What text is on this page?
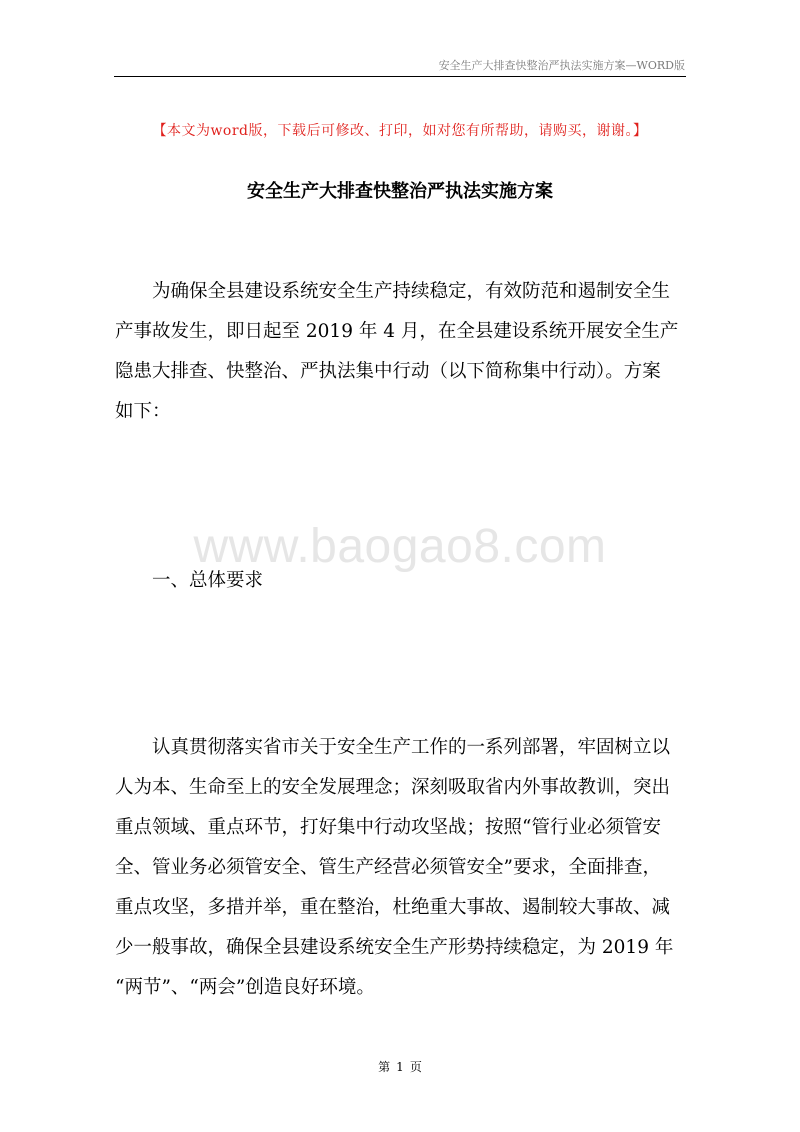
安全生产大排查快整治严执法实施方案—WORD版
【本文为word版，下载后可修改、打印，如对您有所帮助，请购买，谢谢。】
安全生产大排查快整治严执法实施方案
为确保全县建设系统安全生产持续稳定，有效防范和遏制安全生
产事故发生，即日起至 2019 年 4 月，在全县建设系统开展安全生产
隐患大排查、快整治、严执法集中行动（以下简称集中行动）。方案
如下：
www.baogao8.com
一、总体要求
认真贯彻落实省市关于安全生产工作的一系列部署，牢固树立以
人为本、生命至上的安全发展理念；深刻吸取省内外事故教训，突出
重点领域、重点环节，打好集中行动攻坚战；按照“管行业必须管安
全、管业务必须管安全、管生产经营必须管安全”要求，全面排查，
重点攻坚，多措并举，重在整治，杜绝重大事故、遏制较大事故、减
少一般事故，确保全县建设系统安全生产形势持续稳定，为 2019 年
“两节”、“两会”创造良好环境。
第 1 页
